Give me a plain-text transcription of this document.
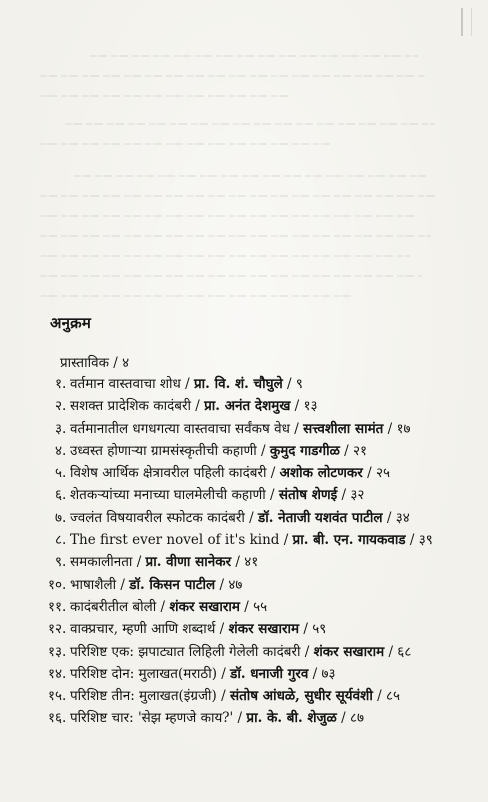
अनुक्रम
प्रास्ताविक / ४
१ . वर्तमान वास्तवाचा शोध / प्रा. वि. शं. चौघुले / ९
२ . सशक्त प्रादेशिक कादंबरी / प्रा. अनंत देशमुख / १३
३ . वर्तमानातील धगधगत्या वास्तवाचा सर्वंकष वेध / सत्त्वशीला सामंत / १७
४ . उध्वस्त होणाऱ्या ग्रामसंस्कृतीची कहाणी / कुमुद गाडगीळ / २१
५ . विशेष आर्थिक क्षेत्रावरील पहिली कादंबरी / अशोक लोटणकर / २५
६ . शेतकऱ्यांच्या मनाच्या घालमेलीची कहाणी / संतोष शेणई / ३२
७ . ज्वलंत विषयावरील स्फोटक कादंबरी / डॉ. नेताजी यशवंत पाटील / ३४
८ . The first ever novel of it's kind / प्रा. बी. एन. गायकवाड / ३९
९ . समकालीनता / प्रा. वीणा सानेकर / ४१
१० . भाषाशैली / डॉ. किसन पाटील / ४७
११ . कादंबरीतील बोली / शंकर सखाराम / ५५
१२ . वाक्प्रचार, म्हणी आणि शब्दार्थ / शंकर सखाराम / ५९
१३ . परिशिष्ट एक: झपाट्यात लिहिली गेलेली कादंबरी / शंकर सखाराम / ६८
१४ . परिशिष्ट दोन: मुलाखत(मराठी) / डॉ. धनाजी गुरव / ७३
१५ . परिशिष्ट तीन: मुलाखत(इंग्रजी) / संतोष आंधळे, सुधीर सूर्यवंशी / ८५
१६ . परिशिष्ट चार: 'सेझ म्हणजे काय?' / प्रा. के. बी. शेजुळ / ८७
